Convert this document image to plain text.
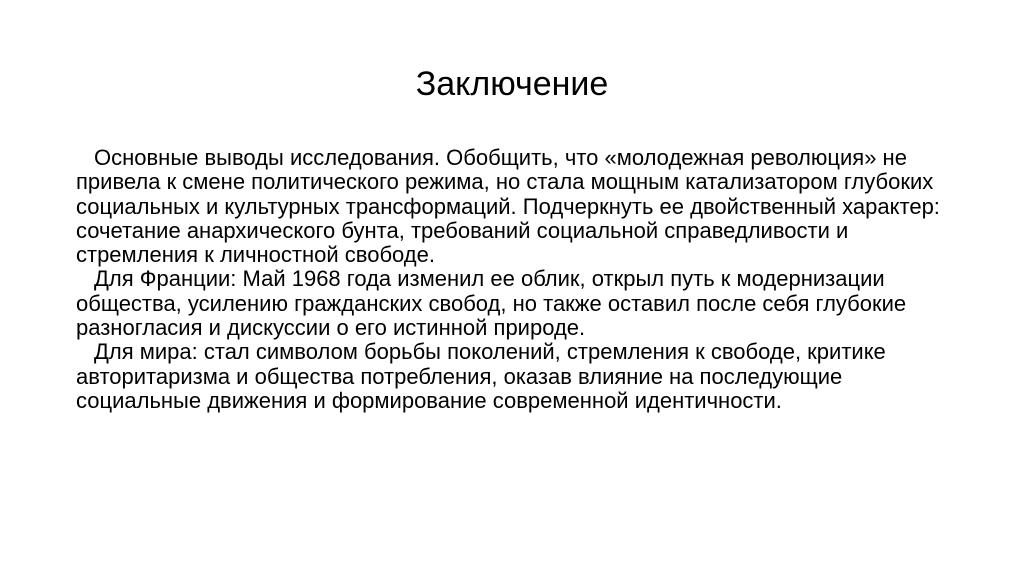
Заключение

Основные выводы исследования. Обобщить, что «молодежная революция» не привела к смене политического режима, но стала мощным катализатором глубоких социальных и культурных трансформаций. Подчеркнуть ее двойственный характер: сочетание анархического бунта, требований социальной справедливости и стремления к личностной свободе.

Для Франции: Май 1968 года изменил ее облик, открыл путь к модернизации общества, усилению гражданских свобод, но также оставил после себя глубокие разногласия и дискуссии о его истинной природе.

Для мира: стал символом борьбы поколений, стремления к свободе, критике авторитаризма и общества потребления, оказав влияние на последующие социальные движения и формирование современной идентичности.
